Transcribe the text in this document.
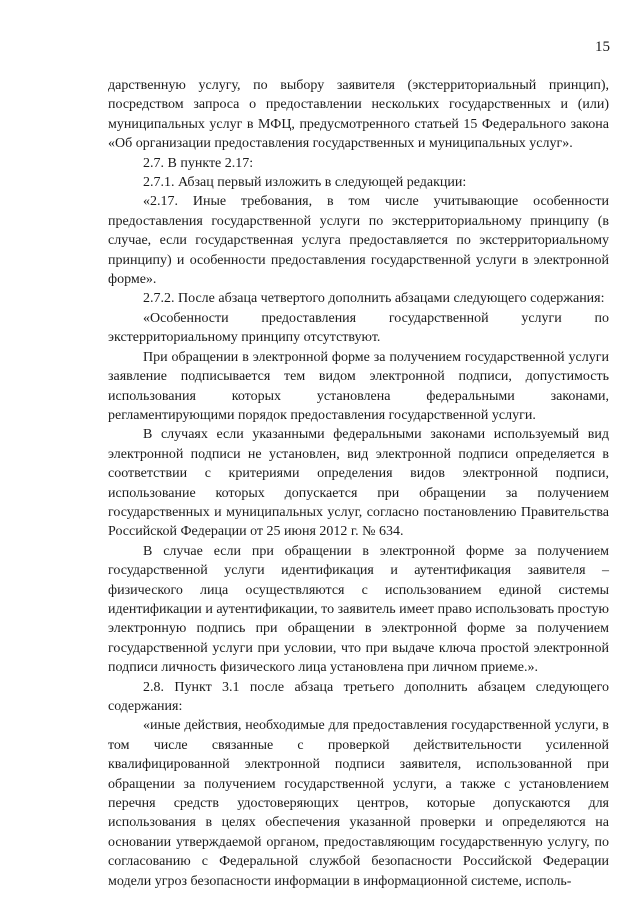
15

дарственную услугу, по выбору заявителя (экстерриториальный принцип), посредством запроса о предоставлении нескольких государственных и (или) муниципальных услуг в МФЦ, предусмотренного статьей 15 Федерального закона «Об организации предоставления государственных и муниципальных услуг».

2.7. В пункте 2.17:

2.7.1. Абзац первый изложить в следующей редакции:

«2.17. Иные требования, в том числе учитывающие особенности предоставления государственной услуги по экстерриториальному принципу (в случае, если государственная услуга предоставляется по экстерриториальному принципу) и особенности предоставления государственной услуги в электронной форме».

2.7.2. После абзаца четвертого дополнить абзацами следующего содержания:

«Особенности предоставления государственной услуги по экстерриториальному принципу отсутствуют.

При обращении в электронной форме за получением государственной услуги заявление подписывается тем видом электронной подписи, допустимость использования которых установлена федеральными законами, регламентирующими порядок предоставления государственной услуги.

В случаях если указанными федеральными законами используемый вид электронной подписи не установлен, вид электронной подписи определяется в соответствии с критериями определения видов электронной подписи, использование которых допускается при обращении за получением государственных и муниципальных услуг, согласно постановлению Правительства Российской Федерации от 25 июня 2012 г. № 634.

В случае если при обращении в электронной форме за получением государственной услуги идентификация и аутентификация заявителя – физического лица осуществляются с использованием единой системы идентификации и аутентификации, то заявитель имеет право использовать простую электронную подпись при обращении в электронной форме за получением государственной услуги при условии, что при выдаче ключа простой электронной подписи личность физического лица установлена при личном приеме.».

2.8. Пункт 3.1 после абзаца третьего дополнить абзацем следующего содержания:

«иные действия, необходимые для предоставления государственной услуги, в том числе связанные с проверкой действительности усиленной квалифицированной электронной подписи заявителя, использованной при обращении за получением государственной услуги, а также с установлением перечня средств удостоверяющих центров, которые допускаются для использования в целях обеспечения указанной проверки и определяются на основании утверждаемой органом, предоставляющим государственную услугу, по согласованию с Федеральной службой безопасности Российской Федерации модели угроз безопасности информации в информационной системе, исполь-
